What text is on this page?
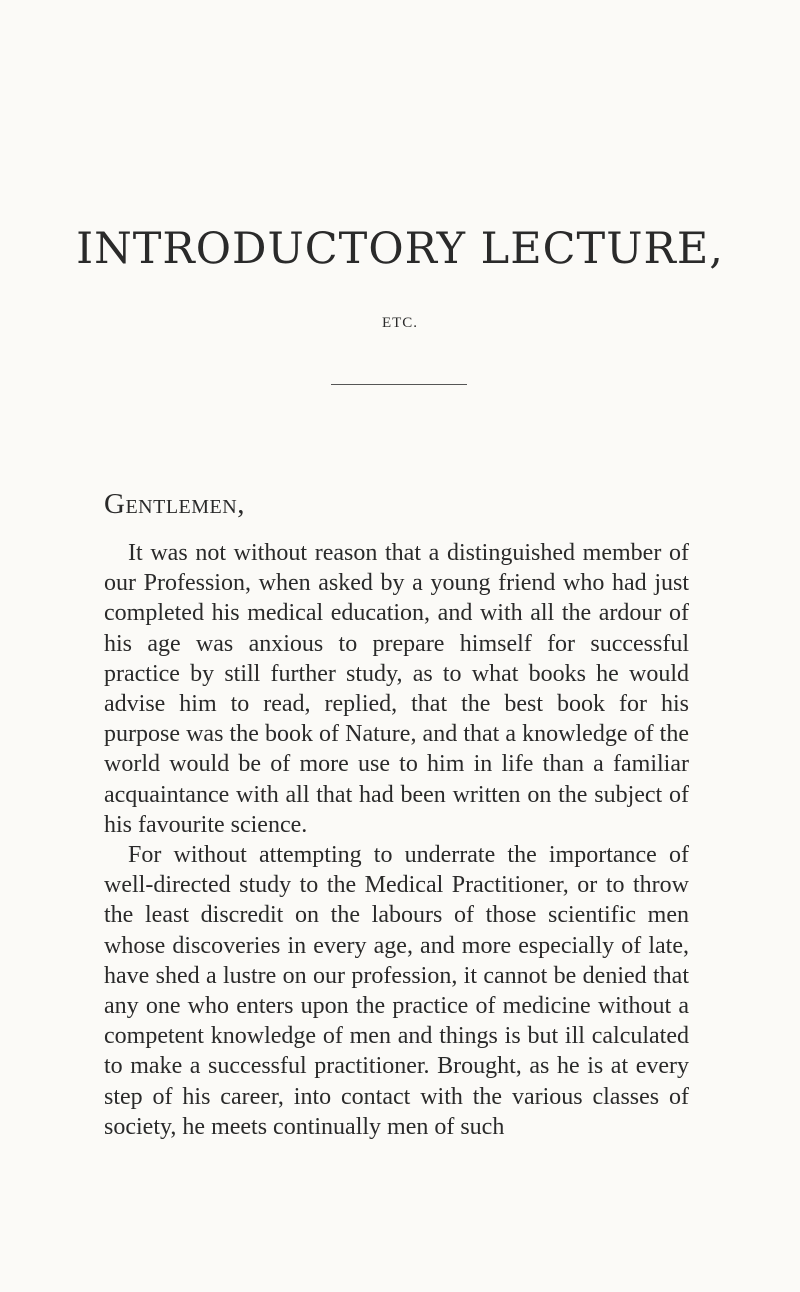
INTRODUCTORY LECTURE,
ETC.
Gentlemen,

It was not without reason that a distinguished member of our Profession, when asked by a young friend who had just completed his medical education, and with all the ardour of his age was anxious to prepare himself for successful practice by still further study, as to what books he would advise him to read, replied, that the best book for his purpose was the book of Nature, and that a knowledge of the world would be of more use to him in life than a familiar acquaintance with all that had been written on the subject of his favourite science.

For without attempting to underrate the importance of well-directed study to the Medical Practitioner, or to throw the least discredit on the labours of those scientific men whose discoveries in every age, and more especially of late, have shed a lustre on our profession, it cannot be denied that any one who enters upon the practice of medicine without a competent knowledge of men and things is but ill calculated to make a successful practitioner. Brought, as he is at every step of his career, into contact with the various classes of society, he meets continually men of such
